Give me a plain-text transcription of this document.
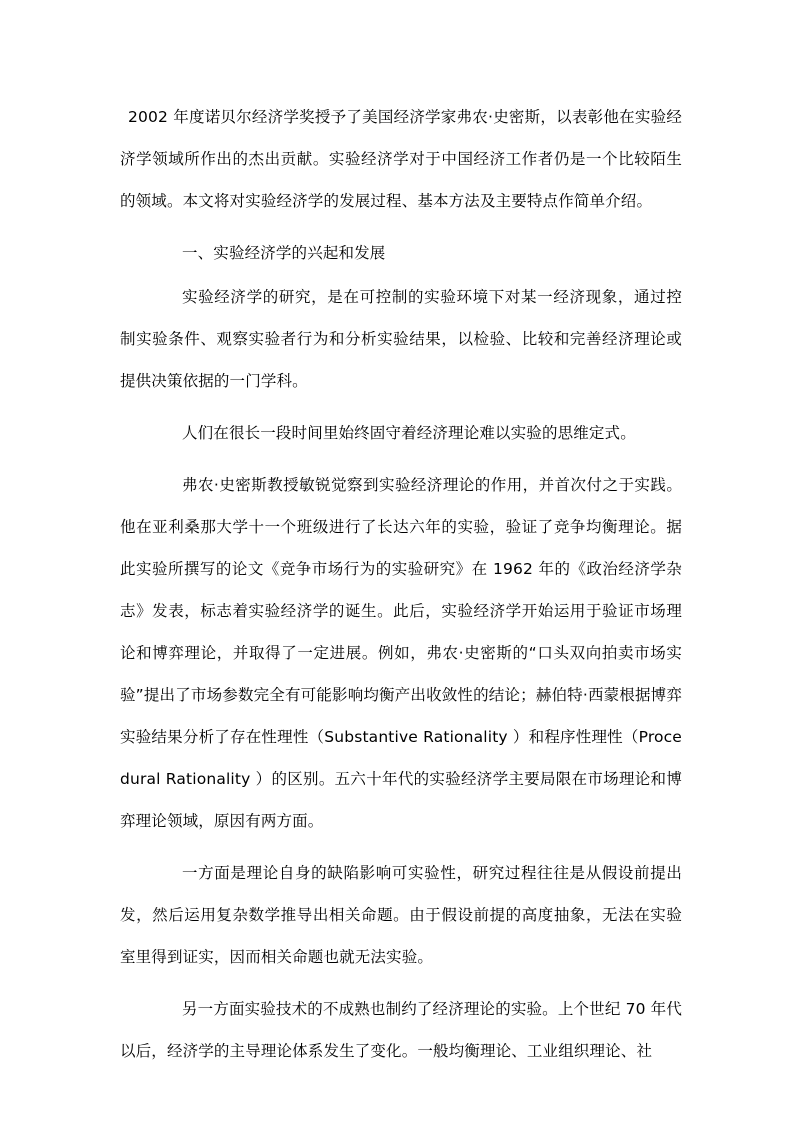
2002 年度诺贝尔经济学奖授予了美国经济学家弗农·史密斯，以表彰他在实验经济学领域所作出的杰出贡献。实验经济学对于中国经济工作者仍是一个比较陌生的领域。本文将对实验经济学的发展过程、基本方法及主要特点作简单介绍。

一、实验经济学的兴起和发展

实验经济学的研究，是在可控制的实验环境下对某一经济现象，通过控制实验条件、观察实验者行为和分析实验结果，以检验、比较和完善经济理论或提供决策依据的一门学科。

人们在很长一段时间里始终固守着经济理论难以实验的思维定式。

弗农·史密斯教授敏锐觉察到实验经济理论的作用，并首次付之于实践。他在亚利桑那大学十一个班级进行了长达六年的实验，验证了竞争均衡理论。据此实验所撰写的论文《竞争市场行为的实验研究》在 1962 年的《政治经济学杂志》发表，标志着实验经济学的诞生。此后，实验经济学开始运用于验证市场理论和博弈理论，并取得了一定进展。例如，弗农·史密斯的“口头双向拍卖市场实验”提出了市场参数完全有可能影响均衡产出收敛性的结论；赫伯特·西蒙根据博弈实验结果分析了存在性理性（Substantive Rationality ）和程序性理性（Procedural Rationality ）的区别。五六十年代的实验经济学主要局限在市场理论和博弈理论领域，原因有两方面。

一方面是理论自身的缺陷影响可实验性，研究过程往往是从假设前提出发，然后运用复杂数学推导出相关命题。由于假设前提的高度抽象，无法在实验室里得到证实，因而相关命题也就无法实验。

另一方面实验技术的不成熟也制约了经济理论的实验。上个世纪 70 年代以后，经济学的主导理论体系发生了变化。一般均衡理论、工业组织理论、社
